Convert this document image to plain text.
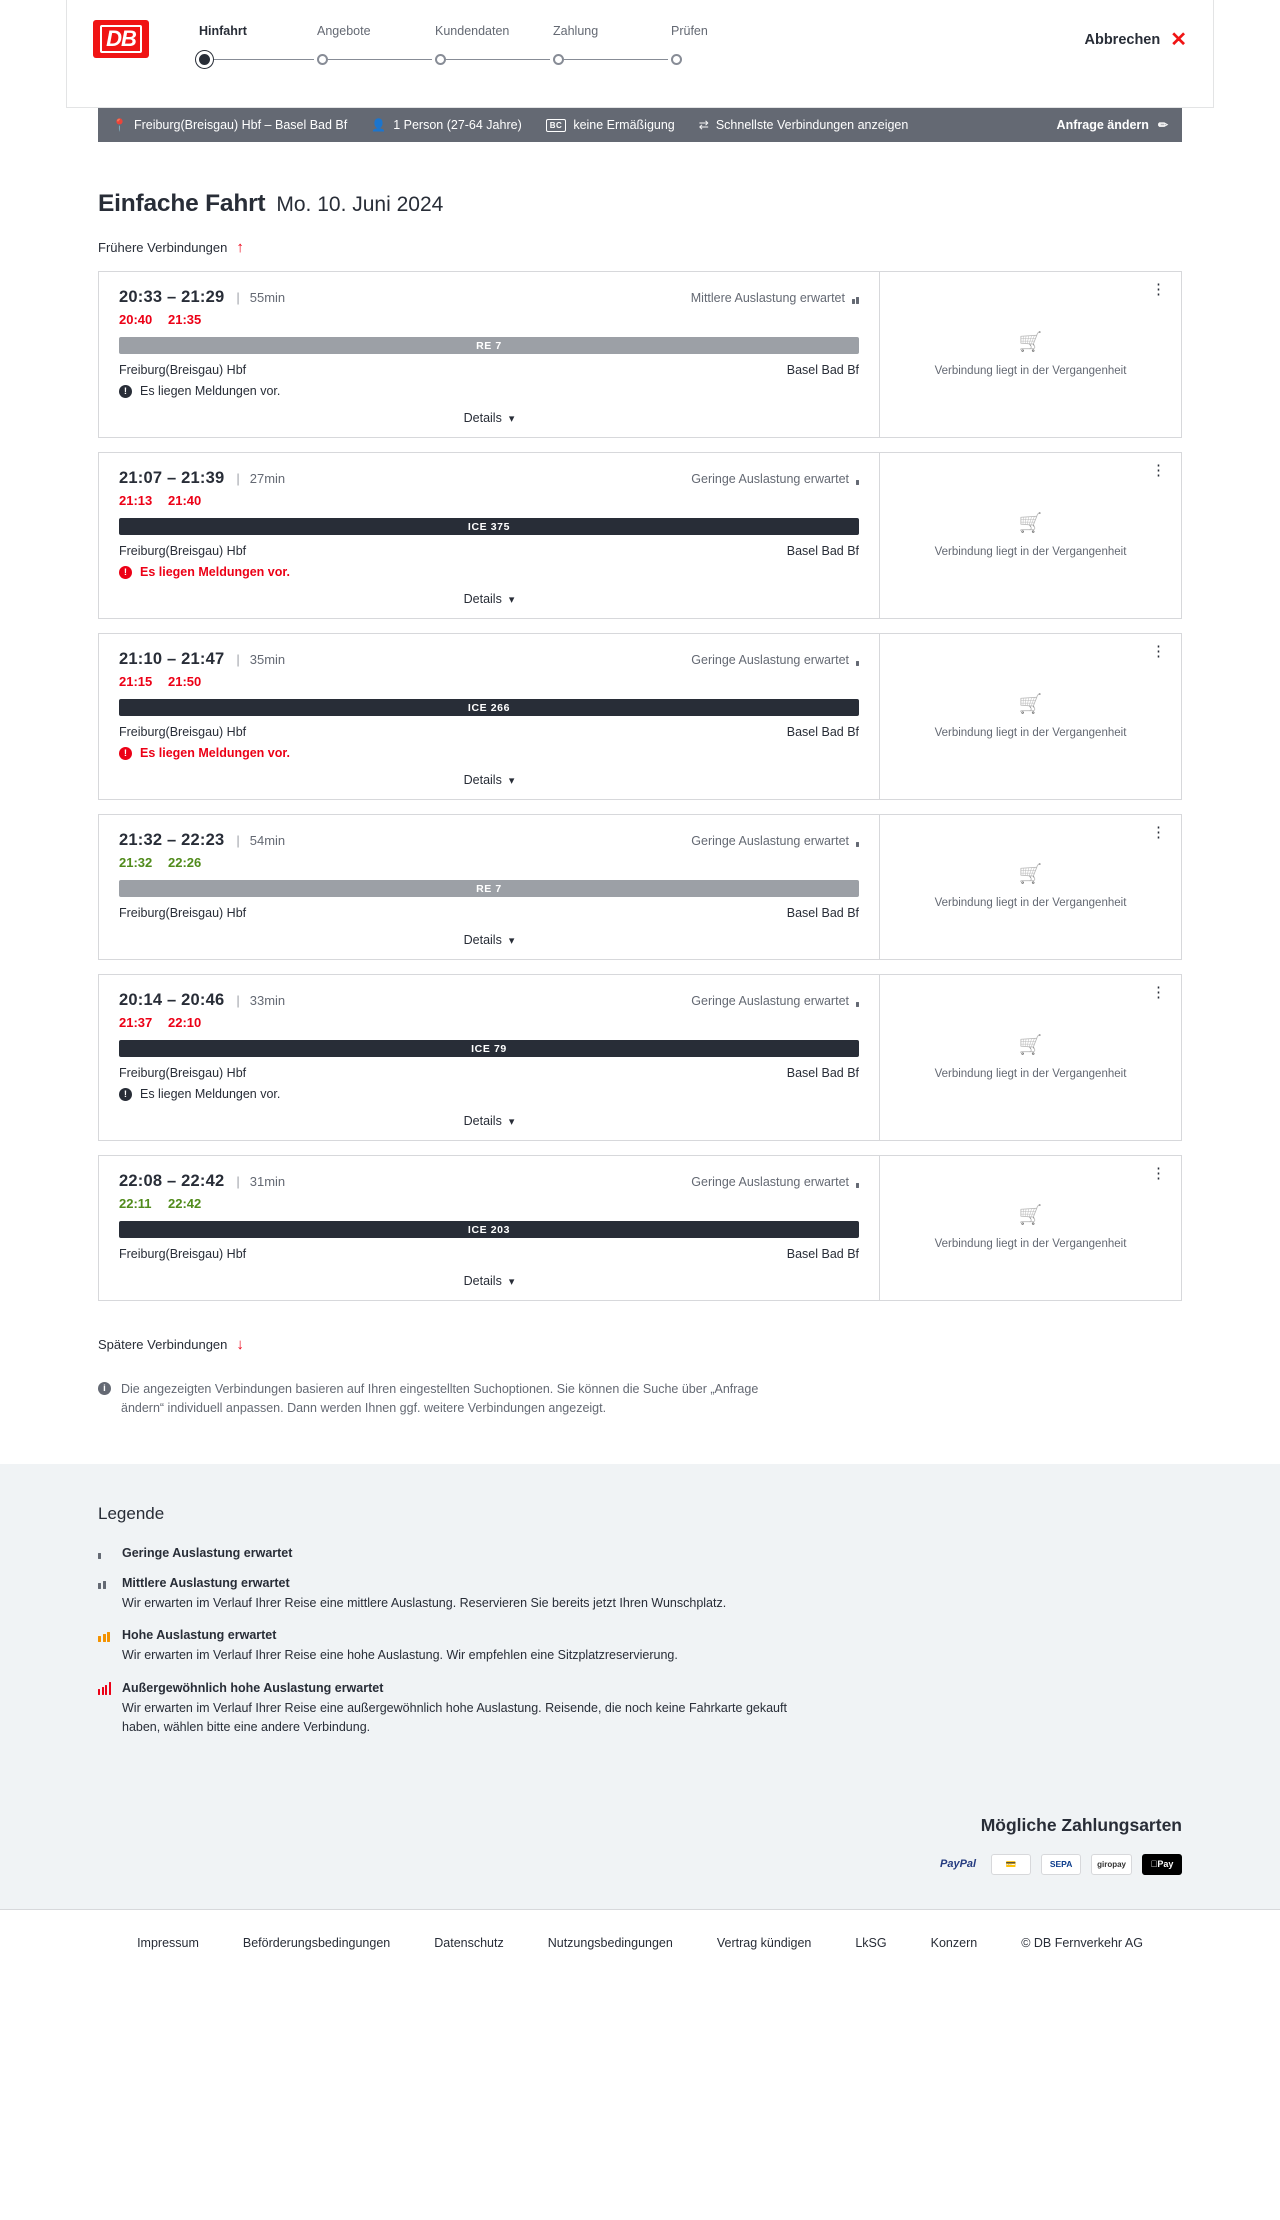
DB	Hinfahrt	Angebote	Kundendaten	Zahlung	Prüfen
Abbrechen ✕
📍 Freiburg(Breisgau) Hbf – Basel Bad Bf 👤 1 Person (27-64 Jahre)	BC keine Ermäßigung ⇄ Schnellste Verbindungen anzeigen	Anfrage ändern ✏
Einfache Fahrt Mo. 10. Juni 2024
Frühere Verbindungen ↑
20:33 – 21:29 | 55min	Mittlere Auslastung erwartet
20:40	21:35
RE 7
Freiburg(Breisgau) Hbf	Basel Bad Bf
!	Es liegen Meldungen vor.
Details ▾
⋮
🛒
Verbindung liegt in der Vergangenheit
21:07 – 21:39 | 27min	Geringe Auslastung erwartet
21:13	21:40
ICE 375
Freiburg(Breisgau) Hbf	Basel Bad Bf
!	Es liegen Meldungen vor.
Details ▾
⋮
🛒
Verbindung liegt in der Vergangenheit
21:10 – 21:47 | 35min	Geringe Auslastung erwartet
21:15	21:50
ICE 266
Freiburg(Breisgau) Hbf	Basel Bad Bf
!	Es liegen Meldungen vor.
Details ▾
⋮
🛒
Verbindung liegt in der Vergangenheit
21:32 – 22:23 | 54min	Geringe Auslastung erwartet
21:32	22:26
RE 7
Freiburg(Breisgau) Hbf	Basel Bad Bf
Details ▾
⋮
🛒
Verbindung liegt in der Vergangenheit
20:14 – 20:46 | 33min	Geringe Auslastung erwartet
21:37	22:10
ICE 79
Freiburg(Breisgau) Hbf	Basel Bad Bf
!	Es liegen Meldungen vor.
Details ▾
⋮
🛒
Verbindung liegt in der Vergangenheit
22:08 – 22:42 | 31min	Geringe Auslastung erwartet
22:11	22:42
ICE 203
Freiburg(Breisgau) Hbf	Basel Bad Bf
Details ▾
⋮
🛒
Verbindung liegt in der Vergangenheit
Spätere Verbindungen ↓
i	Die angezeigten Verbindungen basieren auf Ihren eingestellten Suchoptionen. Sie können die Suche über „Anfrage ändern“ individuell anpassen. Dann werden Ihnen ggf. weitere Verbindungen angezeigt.
Legende
Geringe Auslastung erwartet
Mittlere Auslastung erwartet
Wir erwarten im Verlauf Ihrer Reise eine mittlere Auslastung. Reservieren Sie bereits jetzt Ihren Wunschplatz.
Hohe Auslastung erwartet
Wir erwarten im Verlauf Ihrer Reise eine hohe Auslastung. Wir empfehlen eine Sitzplatzreservierung.
Außergewöhnlich hohe Auslastung erwartet
Wir erwarten im Verlauf Ihrer Reise eine außergewöhnlich hohe Auslastung. Reisende, die noch keine Fahrkarte gekauft haben, wählen bitte eine andere Verbindung.
Mögliche Zahlungsarten
PayPal	💳	SEPA	giropay	Pay
Impressum	Beförderungsbedingungen	Datenschutz	Nutzungsbedingungen	Vertrag kündigen	LkSG	Konzern	© DB Fernverkehr AG
